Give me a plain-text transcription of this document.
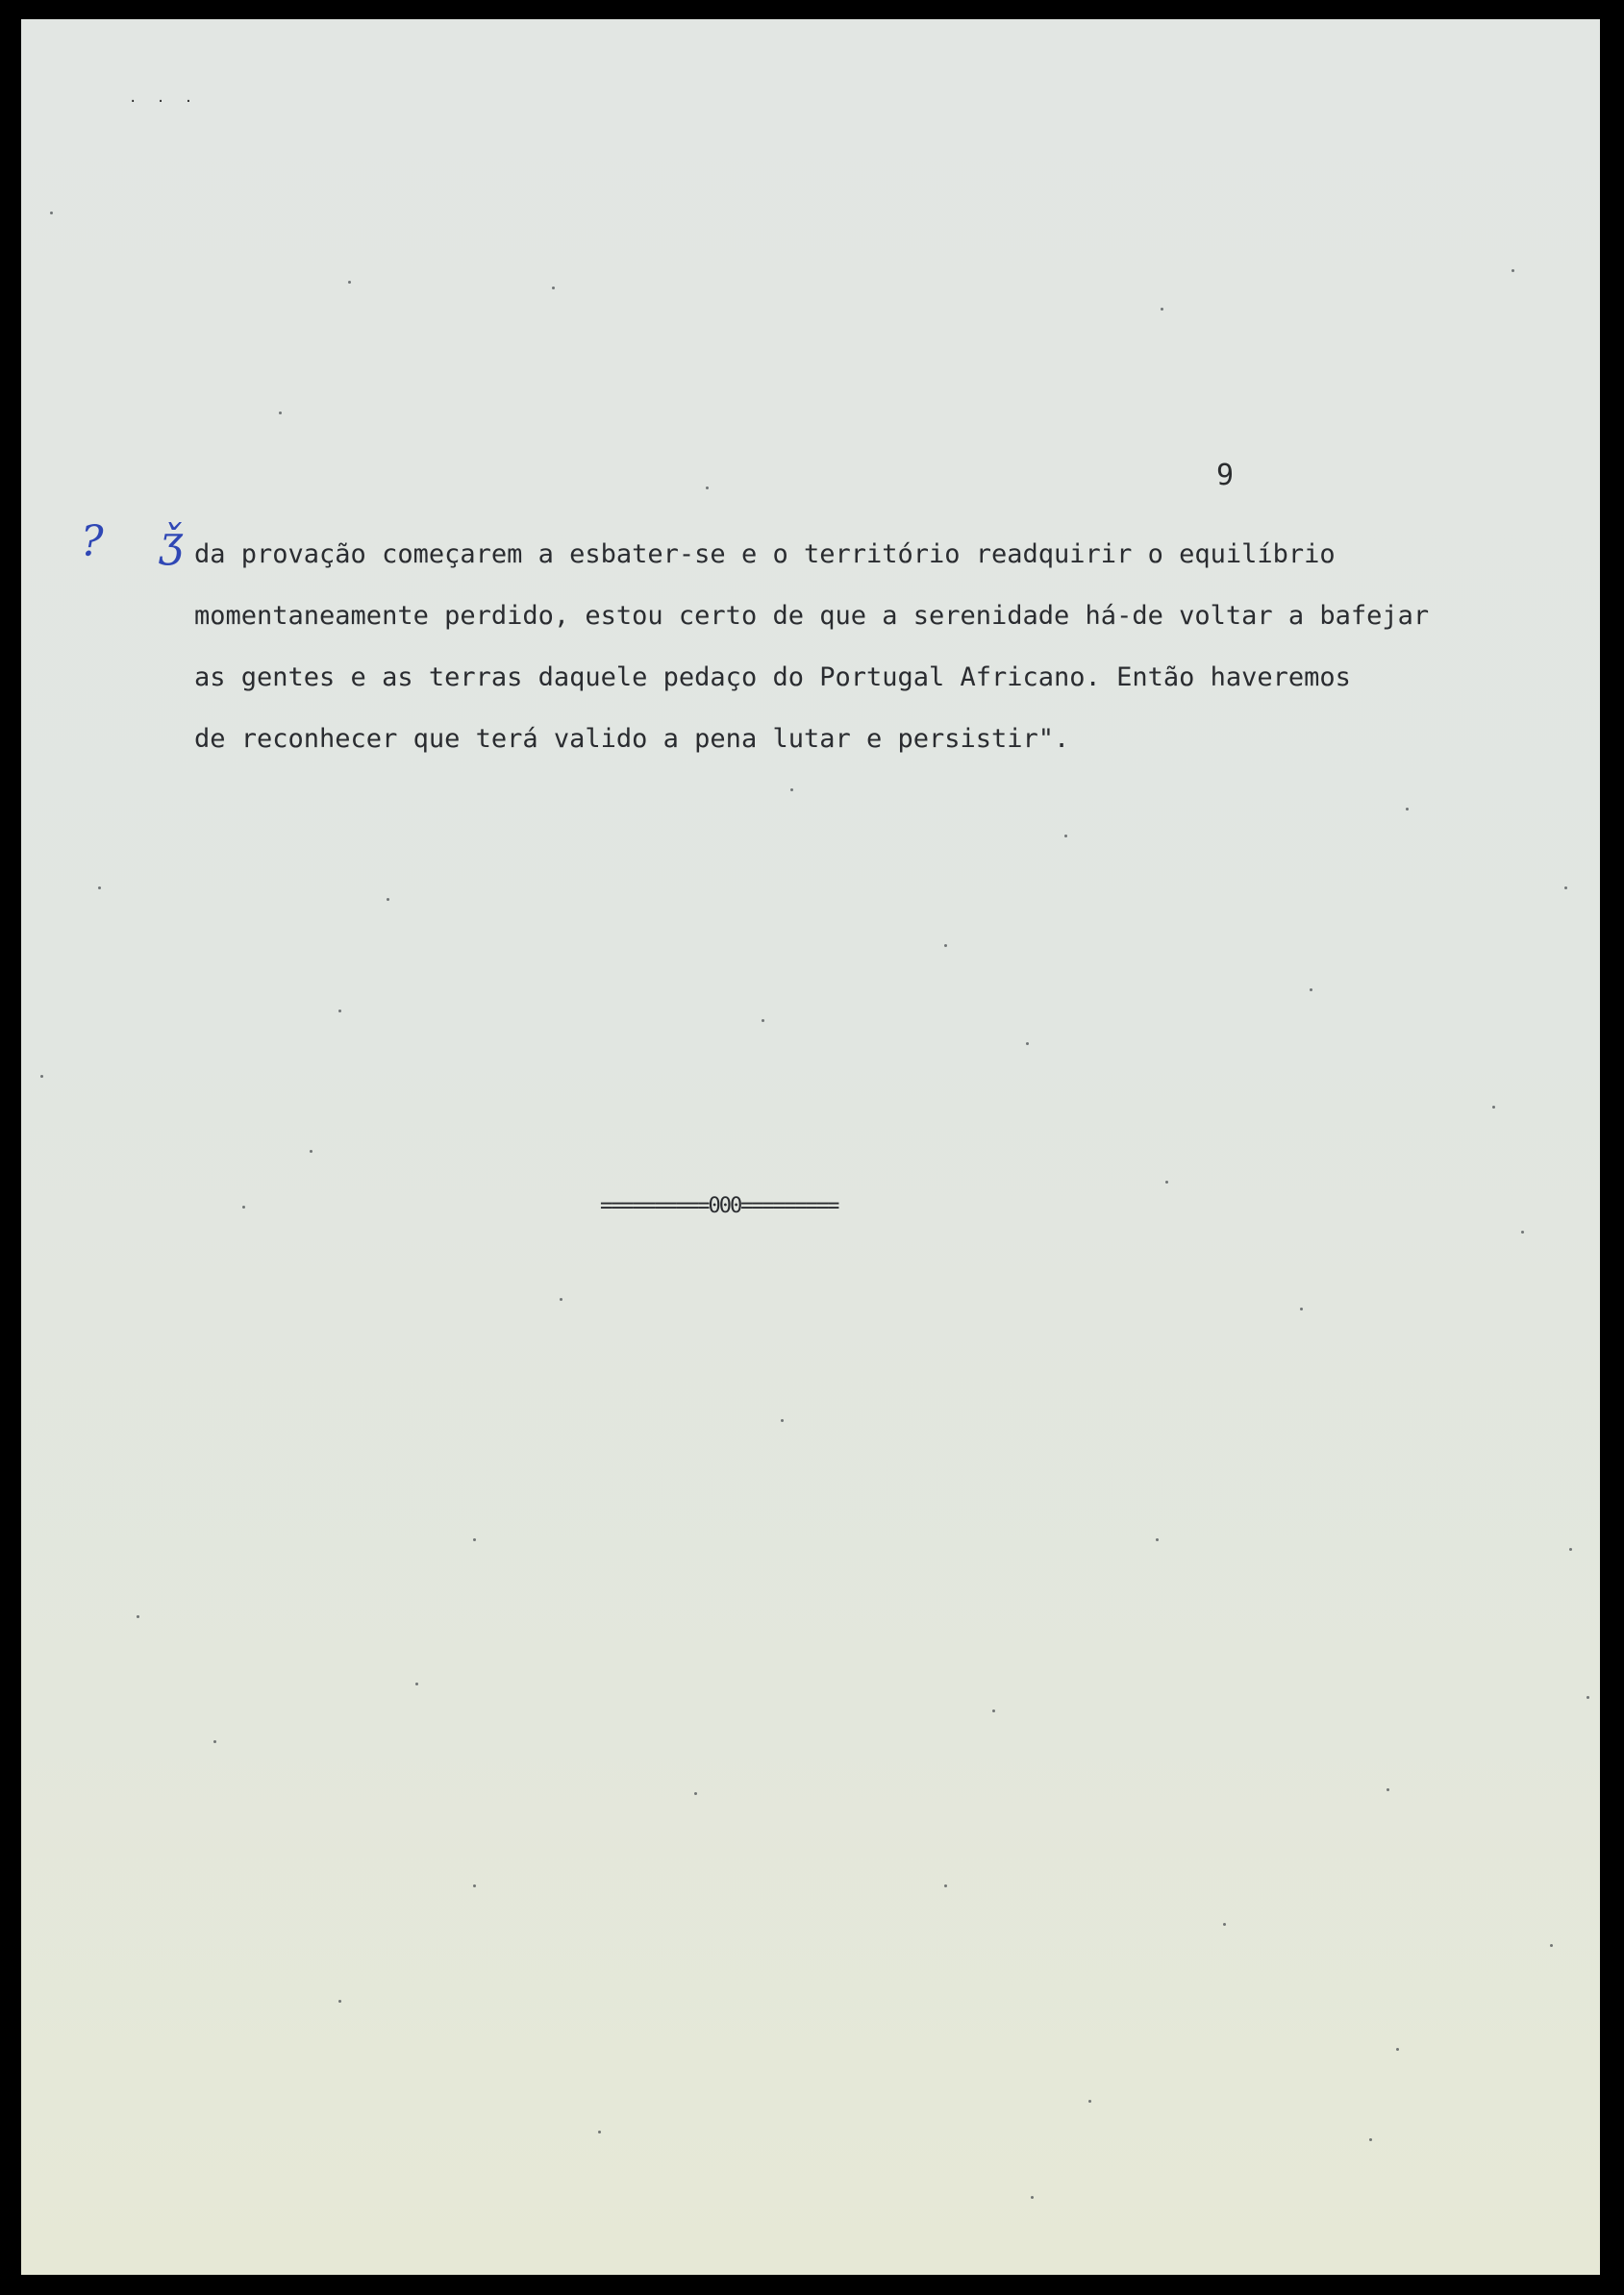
· · ·
9
? ǯ
da provação começarem a esbater-se e o território readquirir o equilíbrio
momentaneamente perdido, estou certo de que a serenidade há-de voltar a bafejar
as gentes e as terras daquele pedaço do Portugal Africano. Então haveremos
de reconhecer que terá valido a pena lutar e persistir".
==========000=========
